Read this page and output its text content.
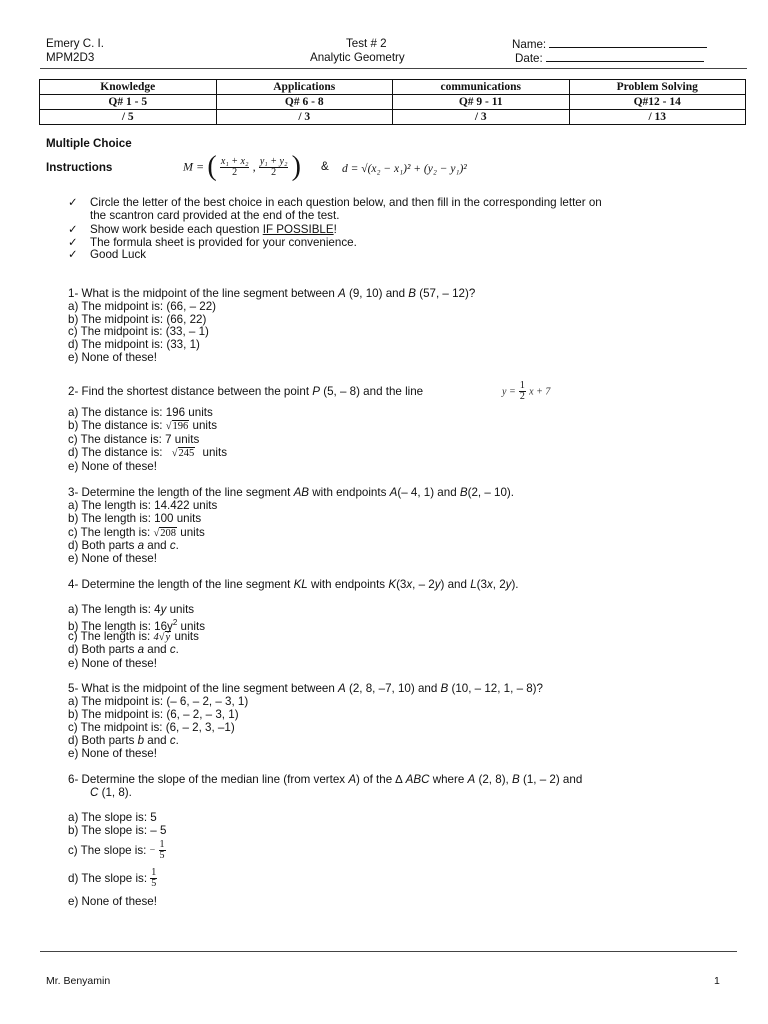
Emery C. I.
MPM2D3
Test # 2
Analytic Geometry
Name:
Date:
Knowledge	Applications	communications	Problem Solving
Q# 1 - 5	Q# 6 - 8	Q# 9 - 11	Q#12 - 14
/ 5	/ 3	/ 3	/ 13
Multiple Choice
Instructions	M = ( $\frac{\text{x₁ + x₂}}{2}$ , $\frac{\text{y₁ + y₂}}{2}$ ) & d = √(x₂ − x₁)² + (y₂ − y₁)²
✓ Circle the letter of the best choice in each question below, and then fill in the corresponding letter on
the scantron card provided at the end of the test.
✓ Show work beside each question IF POSSIBLE!
✓ The formula sheet is provided for your convenience.
✓ Good Luck
1- What is the midpoint of the line segment between A (9, 10) and B (57, – 12)?
a) The midpoint is: (66, – 22)
b) The midpoint is: (66, 22)
c) The midpoint is: (33, – 1)
d) The midpoint is: (33, 1)
e) None of these!
2- Find the shortest distance between the point P (5, – 8) and the line	$y = \frac{1}{2}$ x + 7
a) The distance is: 196 units
b) The distance is: √196 units
c) The distance is: 7 units
d) The distance is: √245 units
e) None of these!
3- Determine the length of the line segment AB with endpoints A(– 4, 1) and B(2, – 10).
a) The length is: 14.422 units
b) The length is: 100 units
c) The length is: √208 units
d) Both parts a and c.
e) None of these!
4- Determine the length of the line segment KL with endpoints K(3x, – 2y) and L(3x, 2y).
a) The length is: 4y units
b) The length is: $16y^2$ units
c) The length is: 4√y units
d) Both parts a and c.
e) None of these!
5- What is the midpoint of the line segment between A (2, 8, –7, 10) and B (10, – 12, 1, – 8)?
a) The midpoint is: (– 6, – 2, – 3, 1)
b) The midpoint is: (6, – 2, – 3, 1)
c) The midpoint is: (6, – 2, 3, –1)
d) Both parts b and c.
e) None of these!
6- Determine the slope of the median line (from vertex A) of the ∆ ABC where A (2, 8), B (1, – 2) and
C (1, 8).
a) The slope is: 5
b) The slope is: – 5
c) The slope is: − $\frac{1}{5}$
d) The slope is: $\frac{1}{5}$
e) None of these!
Mr. Benyamin	1
